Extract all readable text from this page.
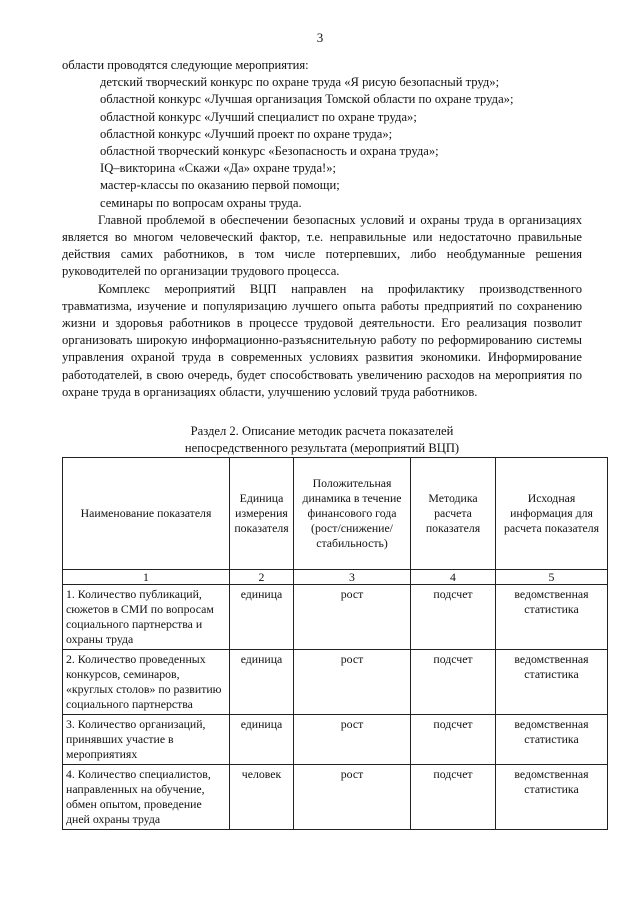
3

области проводятся следующие мероприятия:

детский творческий конкурс по охране труда «Я рисую безопасный труд»;

областной конкурс «Лучшая организация Томской области по охране труда»;

областной конкурс «Лучший специалист по охране труда»;

областной конкурс «Лучший проект по охране труда»;

областной творческий конкурс «Безопасность и охрана труда»;

IQ–викторина «Скажи «Да» охране труда!»;

мастер-классы по оказанию первой помощи;

семинары по вопросам охраны труда.

Главной проблемой в обеспечении безопасных условий и охраны труда в организациях является во многом человеческий фактор, т.е. неправильные или недостаточно правильные действия самих работников, в том числе потерпевших, либо необдуманные решения руководителей по организации трудового процесса.

Комплекс мероприятий ВЦП направлен на профилактику производственного травматизма, изучение и популяризацию лучшего опыта работы предприятий по сохранению жизни и здоровья работников в процессе трудовой деятельности. Его реализация позволит организовать широкую информационно-разъяснительную работу по реформированию системы управления охраной труда в современных условиях развития экономики. Информирование работодателей, в свою очередь, будет способствовать увеличению расходов на мероприятия по охране труда в организациях области, улучшению условий труда работников.

Раздел 2. Описание методик расчета показателей
непосредственного результата (мероприятий ВЦП)
Наименование показателя	Единица измерения показателя	Положительная динамика в течение финансового года (рост/снижение/ стабильность)	Методика расчета показателя	Исходная информация для расчета показателя
1	2	3	4	5
1. Количество публикаций, сюжетов в СМИ по вопросам социального партнерства и охраны труда	единица	рост	подсчет	ведомственная статистика
2. Количество проведенных конкурсов, семинаров, «круглых столов» по развитию социального партнерства	единица	рост	подсчет	ведомственная статистика
3. Количество организаций, принявших участие в мероприятиях	единица	рост	подсчет	ведомственная статистика
4. Количество специалистов, направленных на обучение, обмен опытом, проведение дней охраны труда	человек	рост	подсчет	ведомственная статистика
